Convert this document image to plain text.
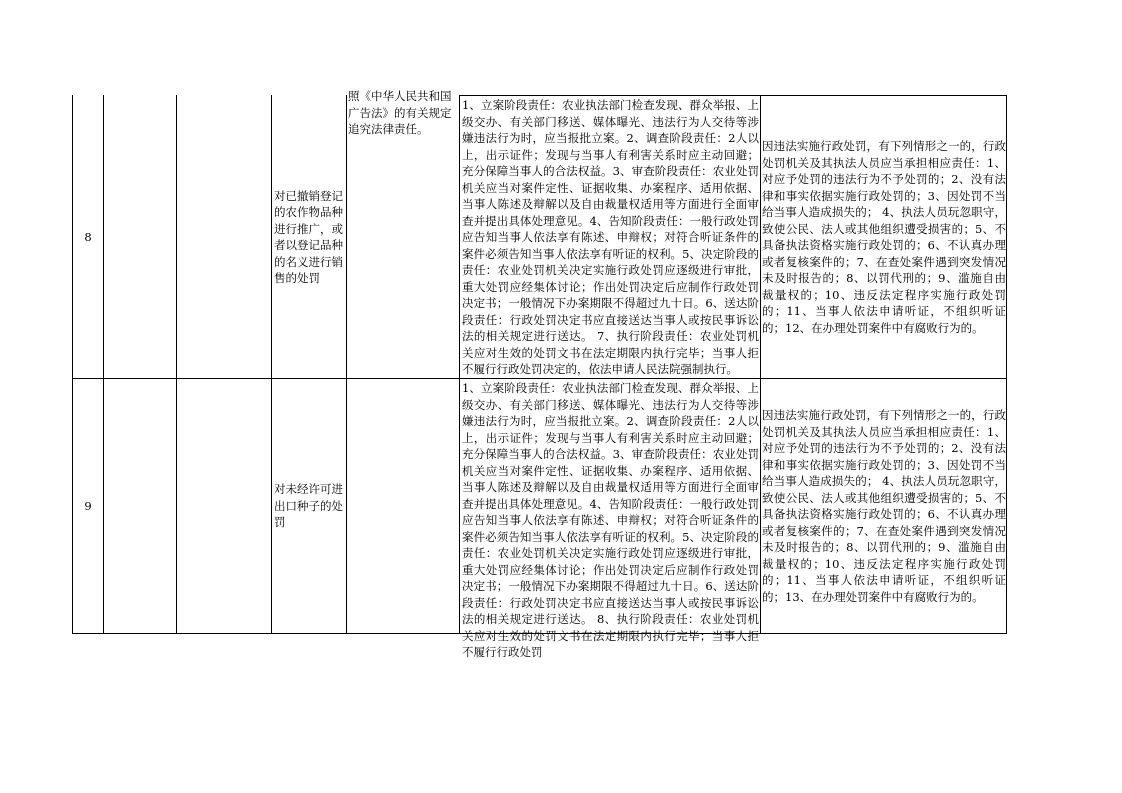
8
对已撤销登记的农作物品种进行推广，或者以登记品种的名义进行销售的处罚
照《中华人民共和国广告法》的有关规定追究法律责任。
1、立案阶段责任：农业执法部门检查发现、群众举报、上级交办、有关部门移送、媒体曝光、违法行为人交待等涉嫌违法行为时，应当报批立案。2、调查阶段责任：2人以上，出示证件；发现与当事人有利害关系时应主动回避；充分保障当事人的合法权益。3、审查阶段责任：农业处罚机关应当对案件定性、证据收集、办案程序、适用依据、当事人陈述及辩解以及自由裁量权适用等方面进行全面审查并提出具体处理意见。4、告知阶段责任：一般行政处罚应告知当事人依法享有陈述、申辩权；对符合听证条件的案件必须告知当事人依法享有听证的权利。5、决定阶段的责任：农业处罚机关决定实施行政处罚应逐级进行审批，重大处罚应经集体讨论；作出处罚决定后应制作行政处罚决定书；一般情况下办案期限不得超过九十日。6、送达阶段责任：行政处罚决定书应直接送达当事人或按民事诉讼法的相关规定进行送达。 7、执行阶段责任：农业处罚机关应对生效的处罚文书在法定期限内执行完毕；当事人拒不履行行政处罚决定的，依法申请人民法院强制执行。
因违法实施行政处罚，有下列情形之一的，行政处罚机关及其执法人员应当承担相应责任：1、对应予处罚的违法行为不予处罚的；2、没有法律和事实依据实施行政处罚的；3、因处罚不当给当事人造成损失的； 4、执法人员玩忽职守，致使公民、法人或其他组织遭受损害的；5、不具备执法资格实施行政处罚的；6、不认真办理或者复核案件的；7、在查处案件遇到突发情况未及时报告的；8、以罚代刑的；9、滥施自由裁量权的；10、违反法定程序实施行政处罚的；11、当事人依法申请听证，不组织听证的；12、在办理处罚案件中有腐败行为的。
9
对未经许可进出口种子的处罚
1、立案阶段责任：农业执法部门检查发现、群众举报、上级交办、有关部门移送、媒体曝光、违法行为人交待等涉嫌违法行为时，应当报批立案。2、调查阶段责任：2人以上，出示证件；发现与当事人有利害关系时应主动回避；充分保障当事人的合法权益。3、审查阶段责任：农业处罚机关应当对案件定性、证据收集、办案程序、适用依据、当事人陈述及辩解以及自由裁量权适用等方面进行全面审查并提出具体处理意见。4、告知阶段责任：一般行政处罚应告知当事人依法享有陈述、申辩权；对符合听证条件的案件必须告知当事人依法享有听证的权利。5、决定阶段的责任：农业处罚机关决定实施行政处罚应逐级进行审批，重大处罚应经集体讨论；作出处罚决定后应制作行政处罚决定书；一般情况下办案期限不得超过九十日。6、送达阶段责任：行政处罚决定书应直接送达当事人或按民事诉讼法的相关规定进行送达。 8、执行阶段责任：农业处罚机关应对生效的处罚文书在法定期限内执行完毕；当事人拒不履行行政处罚
因违法实施行政处罚，有下列情形之一的，行政处罚机关及其执法人员应当承担相应责任：1、对应予处罚的违法行为不予处罚的；2、没有法律和事实依据实施行政处罚的；3、因处罚不当给当事人造成损失的； 4、执法人员玩忽职守，致使公民、法人或其他组织遭受损害的；5、不具备执法资格实施行政处罚的；6、不认真办理或者复核案件的；7、在查处案件遇到突发情况未及时报告的；8、以罚代刑的；9、滥施自由裁量权的；10、违反法定程序实施行政处罚的；11、当事人依法申请听证，不组织听证的；13、在办理处罚案件中有腐败行为的。
